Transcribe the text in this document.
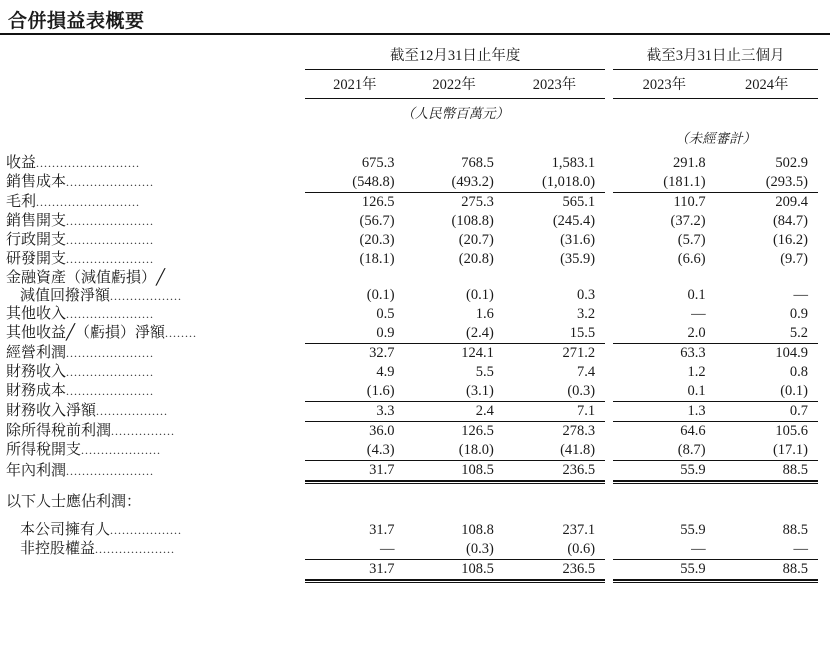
合併損益表概要
	截至12月31日止年度				截至3月31日止三個月	

	2021年	2022年	2023年		2023年	2024年

	（人民幣百萬元）					
					（未經審計）	

收益..........................	675.3	768.5	1,583.1		291.8	502.9
銷售成本......................	(548.8)	(493.2)	(1,018.0)		(181.1)	(293.5)

毛利..........................	126.5	275.3	565.1		110.7	209.4
銷售開支......................	(56.7)	(108.8)	(245.4)		(37.2)	(84.7)
行政開支......................	(20.3)	(20.7)	(31.6)		(5.7)	(16.2)
研發開支......................	(18.1)	(20.8)	(35.9)		(6.6)	(9.7)

金融資產（減值虧損）╱
減值回撥淨額..................	(0.1)	(0.1)	0.3		0.1	—
其他收入......................	0.5	1.6	3.2		—	0.9
其他收益╱（虧損）淨額........	0.9	(2.4)	15.5		2.0	5.2

經營利潤......................	32.7	124.1	271.2		63.3	104.9
財務收入......................	4.9	5.5	7.4		1.2	0.8
財務成本......................	(1.6)	(3.1)	(0.3)		0.1	(0.1)

財務收入淨額..................	3.3	2.4	7.1		1.3	0.7

除所得稅前利潤................	36.0	126.5	278.3		64.6	105.6
所得稅開支....................	(4.3)	(18.0)	(41.8)		(8.7)	(17.1)

年內利潤......................	31.7	108.5	236.5		55.9	88.5

以下人士應佔利潤：						

本公司擁有人..................	31.7	108.8	237.1		55.9	88.5
非控股權益....................	—	(0.3)	(0.6)		—	—

	31.7	108.5	236.5		55.9	88.5
